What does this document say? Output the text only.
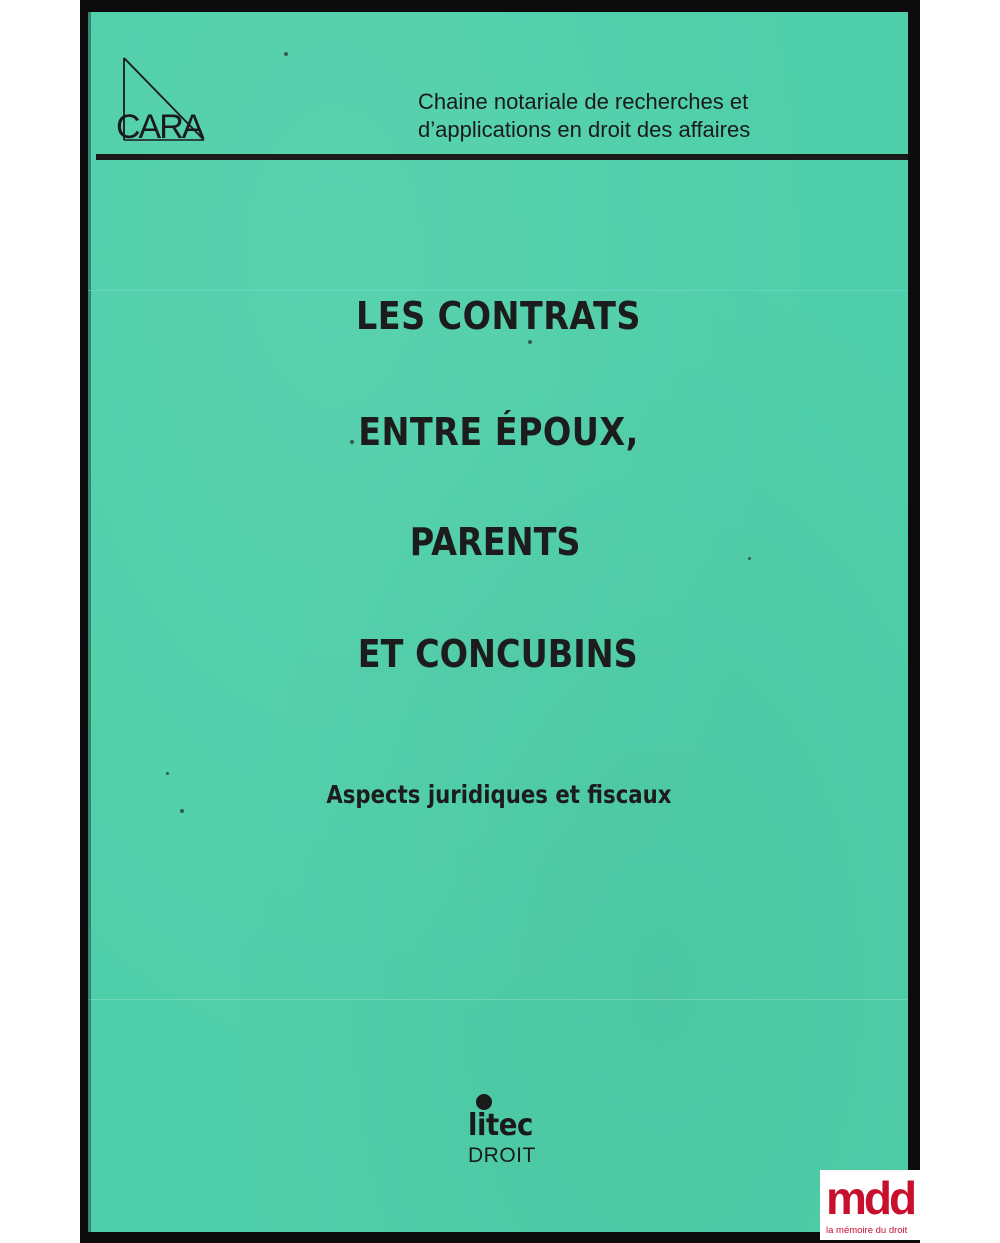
CARA
Chaine notariale de recherches et
d’applications en droit des affaires
LES CONTRATS
ENTRE ÉPOUX,
PARENTS
ET CONCUBINS
Aspects juridiques et fiscaux
litec
DROIT
mdd
la mémoire du droit
